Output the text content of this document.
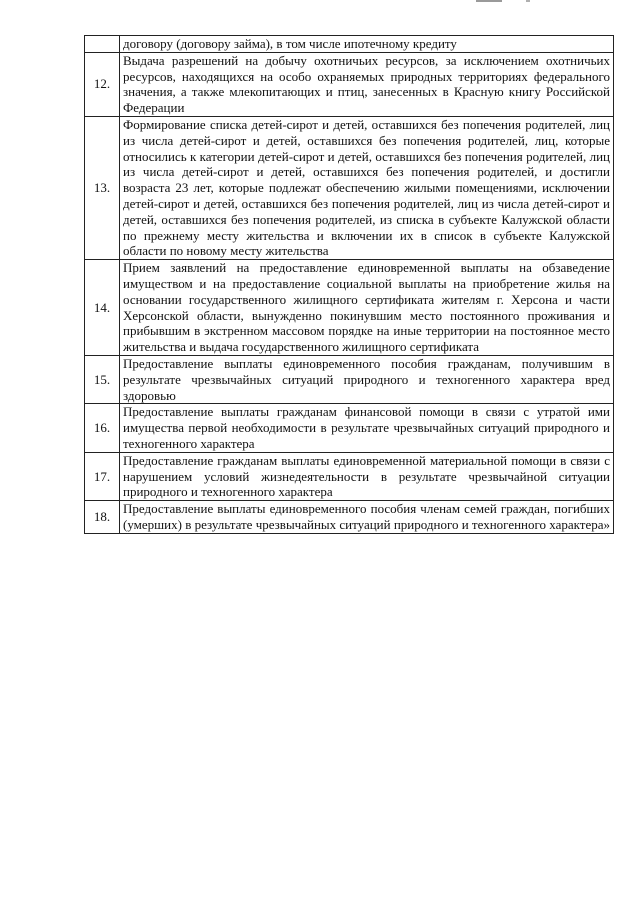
	договору (договору займа), в том числе ипотечному кредиту
12.	Выдача разрешений на добычу охотничьих ресурсов, за исключением охотничьих ресурсов, находящихся на особо охраняемых природных территориях федерального значения, а также млекопитающих и птиц, занесенных в Красную книгу Российской Федерации
13.	Формирование списка детей-сирот и детей, оставшихся без попечения родителей, лиц из числа детей-сирот и детей, оставшихся без попечения родителей, лиц, которые относились к категории детей-сирот и детей, оставшихся без попечения родителей, лиц из числа детей-сирот и детей, оставшихся без попечения родителей, и достигли возраста 23 лет, которые подлежат обеспечению жилыми помещениями, исключении детей-сирот и детей, оставшихся без попечения родителей, лиц из числа детей-сирот и детей, оставшихся без попечения родителей, из списка в субъекте Калужской области по прежнему месту жительства и включении их в список в субъекте Калужской области по новому месту жительства
14.	Прием заявлений на предоставление единовременной выплаты на обзаведение имуществом и на предоставление социальной выплаты на приобретение жилья на основании государственного жилищного сертификата жителям г. Херсона и части Херсонской области, вынужденно покинувшим место постоянного проживания и прибывшим в экстренном массовом порядке на иные территории на постоянное место жительства и выдача государственного жилищного сертификата
15.	Предоставление выплаты единовременного пособия гражданам, получившим в результате чрезвычайных ситуаций природного и техногенного характера вред здоровью
16.	Предоставление выплаты гражданам финансовой помощи в связи с утратой ими имущества первой необходимости в результате чрезвычайных ситуаций природного и техногенного характера
17.	Предоставление гражданам выплаты единовременной материальной помощи в связи с нарушением условий жизнедеятельности в результате чрезвычайной ситуации природного и техногенного характера
18.	Предоставление выплаты единовременного пособия членам семей граждан, погибших (умерших) в результате чрезвычайных ситуаций природного и техногенного характера»
